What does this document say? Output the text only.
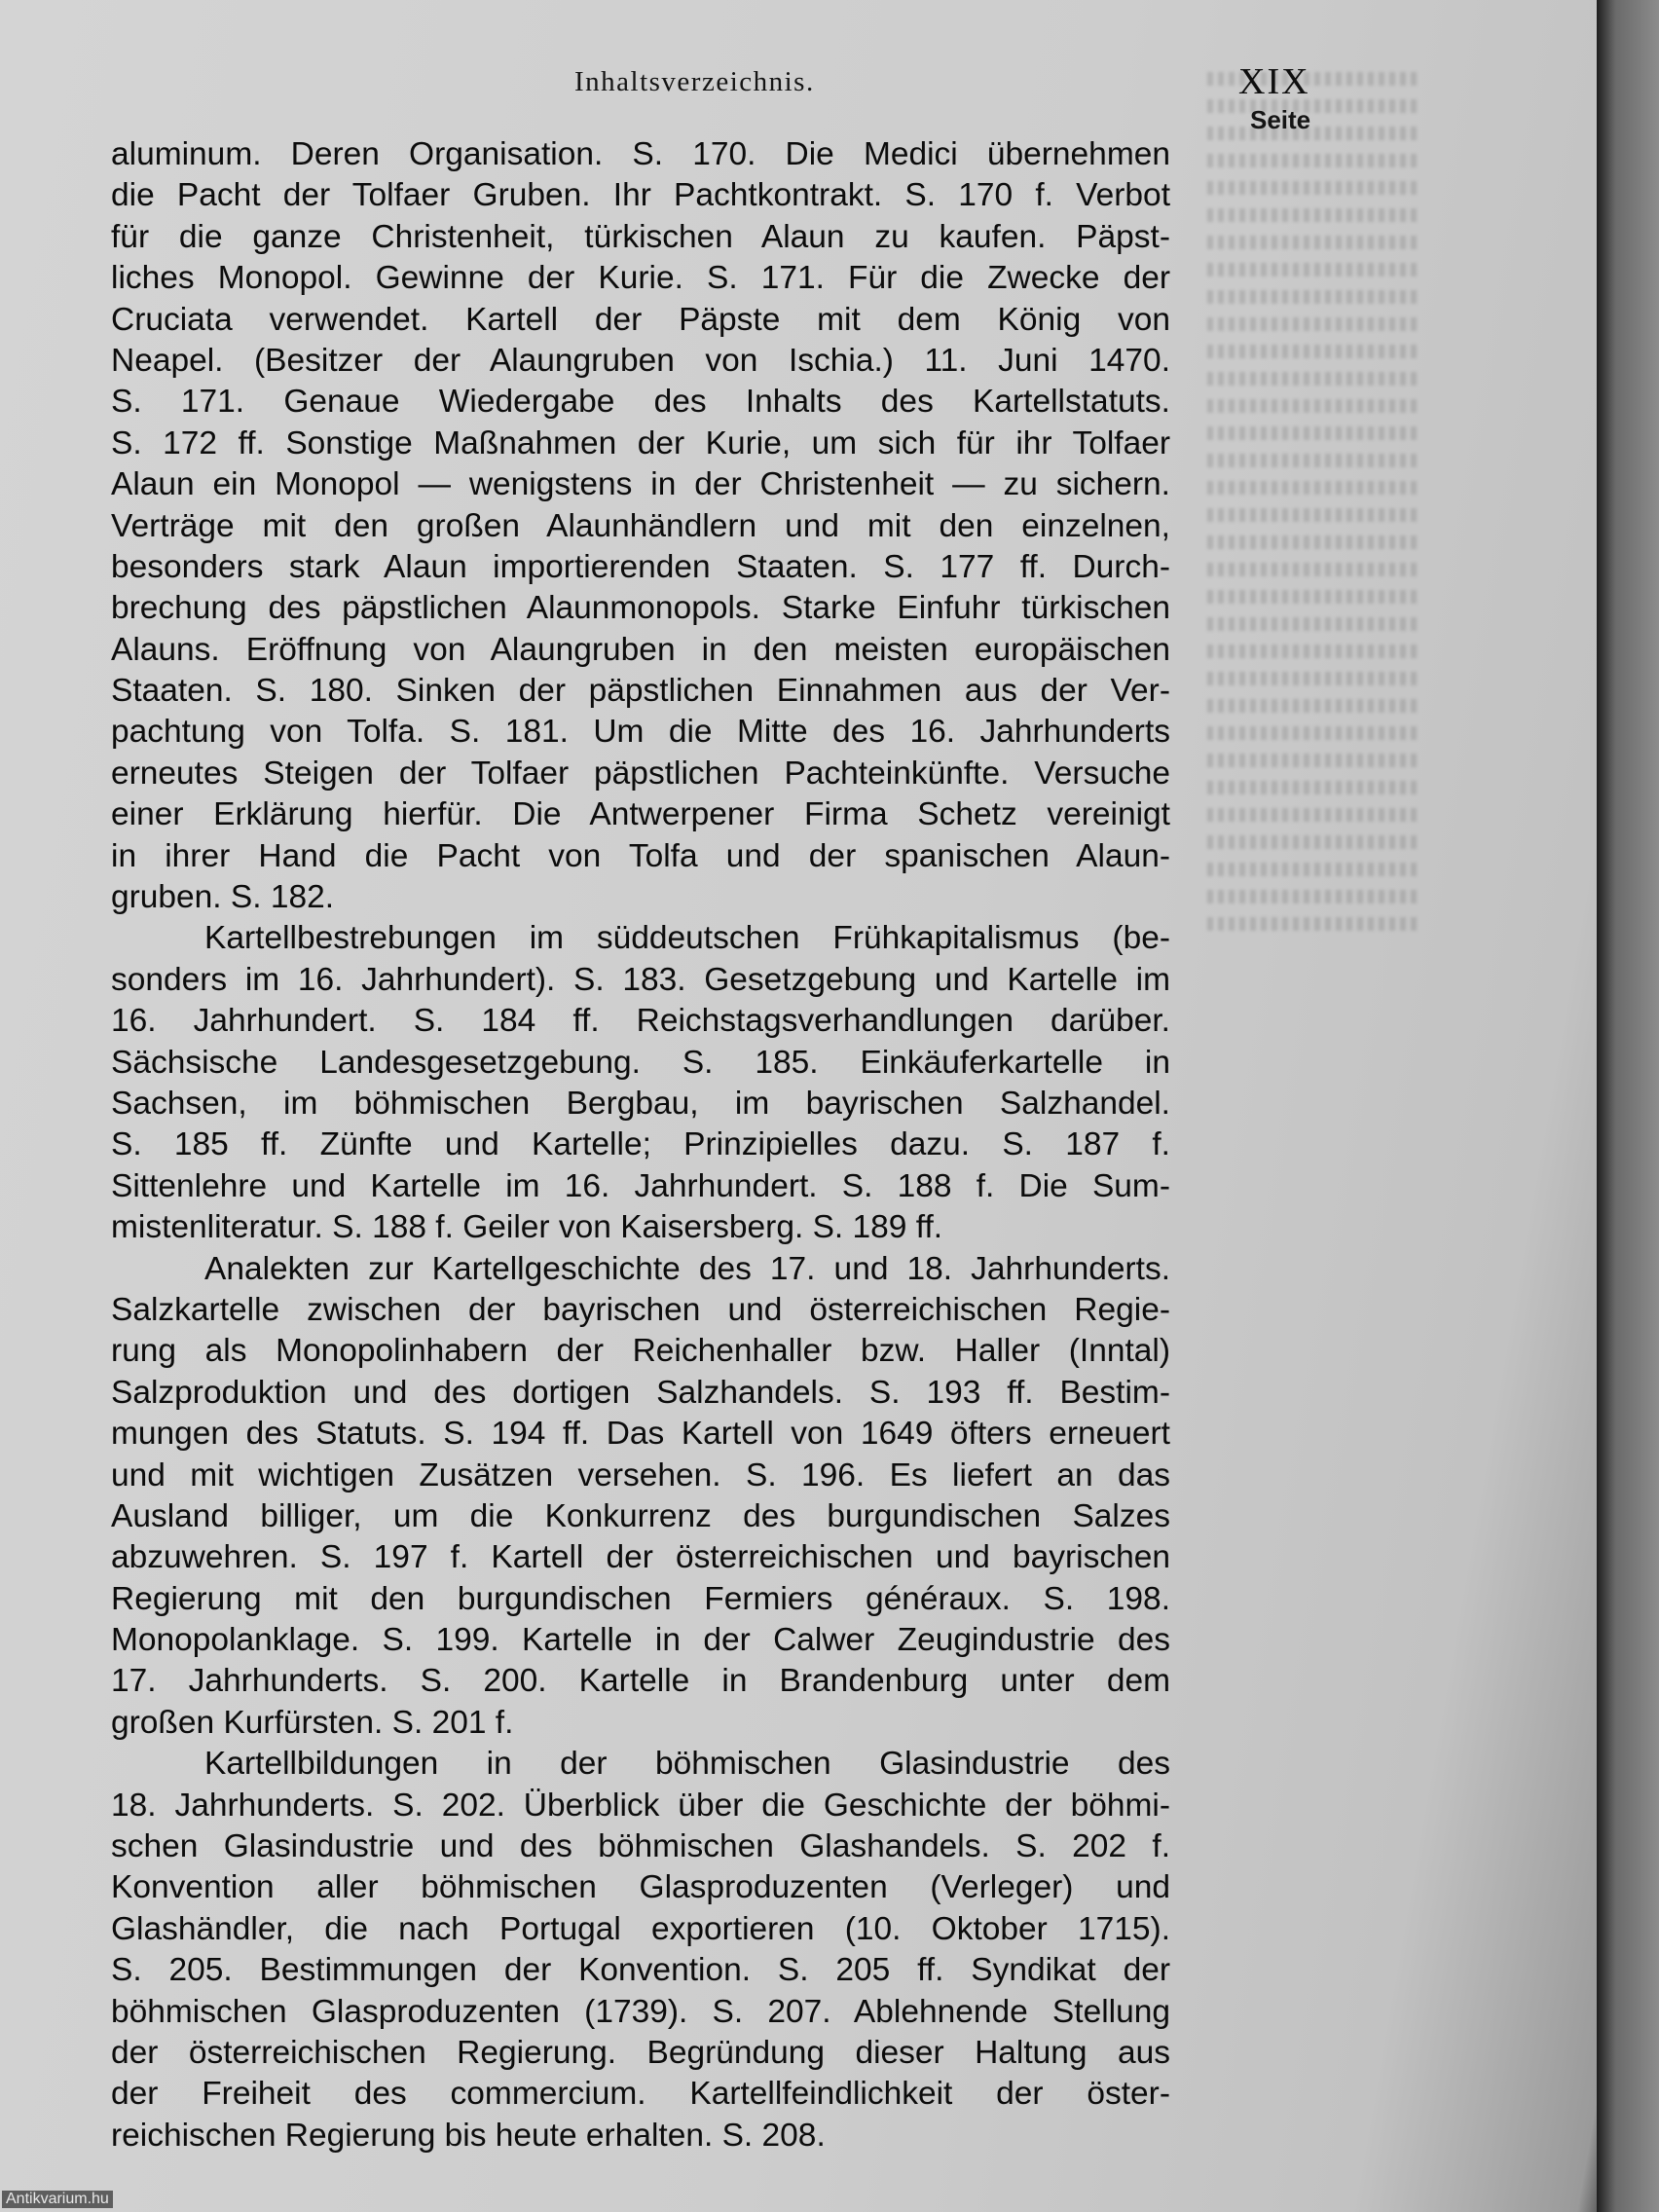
Inhaltsverzeichnis.	XIX
Seite
aluminum. Deren Organisation. S. 170. Die Medici übernehmen
die Pacht der Tolfaer Gruben. Ihr Pachtkontrakt. S. 170 f. Verbot
für die ganze Christenheit, türkischen Alaun zu kaufen. Päpst-
liches Monopol. Gewinne der Kurie. S. 171. Für die Zwecke der
Cruciata verwendet. Kartell der Päpste mit dem König von
Neapel. (Besitzer der Alaungruben von Ischia.) 11. Juni 1470.
S. 171. Genaue Wiedergabe des Inhalts des Kartellstatuts.
S. 172 ff. Sonstige Maßnahmen der Kurie, um sich für ihr Tolfaer
Alaun ein Monopol — wenigstens in der Christenheit — zu sichern.
Verträge mit den großen Alaunhändlern und mit den einzelnen,
besonders stark Alaun importierenden Staaten. S. 177 ff. Durch-
brechung des päpstlichen Alaunmonopols. Starke Einfuhr türkischen
Alauns. Eröffnung von Alaungruben in den meisten europäischen
Staaten. S. 180. Sinken der päpstlichen Einnahmen aus der Ver-
pachtung von Tolfa. S. 181. Um die Mitte des 16. Jahrhunderts
erneutes Steigen der Tolfaer päpstlichen Pachteinkünfte. Versuche
einer Erklärung hierfür. Die Antwerpener Firma Schetz vereinigt
in ihrer Hand die Pacht von Tolfa und der spanischen Alaun-
gruben. S. 182.
Kartellbestrebungen im süddeutschen Frühkapitalismus (be-
sonders im 16. Jahrhundert). S. 183. Gesetzgebung und Kartelle im
16. Jahrhundert. S. 184 ff. Reichstagsverhandlungen darüber.
Sächsische Landesgesetzgebung. S. 185. Einkäuferkartelle in
Sachsen, im böhmischen Bergbau, im bayrischen Salzhandel.
S. 185 ff. Zünfte und Kartelle; Prinzipielles dazu. S. 187 f.
Sittenlehre und Kartelle im 16. Jahrhundert. S. 188 f. Die Sum-
mistenliteratur. S. 188 f. Geiler von Kaisersberg. S. 189 ff.
Analekten zur Kartellgeschichte des 17. und 18. Jahrhunderts.
Salzkartelle zwischen der bayrischen und österreichischen Regie-
rung als Monopolinhabern der Reichenhaller bzw. Haller (Inntal)
Salzproduktion und des dortigen Salzhandels. S. 193 ff. Bestim-
mungen des Statuts. S. 194 ff. Das Kartell von 1649 öfters erneuert
und mit wichtigen Zusätzen versehen. S. 196. Es liefert an das
Ausland billiger, um die Konkurrenz des burgundischen Salzes
abzuwehren. S. 197 f. Kartell der österreichischen und bayrischen
Regierung mit den burgundischen Fermiers généraux. S. 198.
Monopolanklage. S. 199. Kartelle in der Calwer Zeugindustrie des
17. Jahrhunderts. S. 200. Kartelle in Brandenburg unter dem
großen Kurfürsten. S. 201 f.
Kartellbildungen in der böhmischen Glasindustrie des
18. Jahrhunderts. S. 202. Überblick über die Geschichte der böhmi-
schen Glasindustrie und des böhmischen Glashandels. S. 202 f.
Konvention aller böhmischen Glasproduzenten (Verleger) und
Glashändler, die nach Portugal exportieren (10. Oktober 1715).
S. 205. Bestimmungen der Konvention. S. 205 ff. Syndikat der
böhmischen Glasproduzenten (1739). S. 207. Ablehnende Stellung
der österreichischen Regierung. Begründung dieser Haltung aus
der Freiheit des commercium. Kartellfeindlichkeit der öster-
reichischen Regierung bis heute erhalten. S. 208.
Antikvarium.hu
